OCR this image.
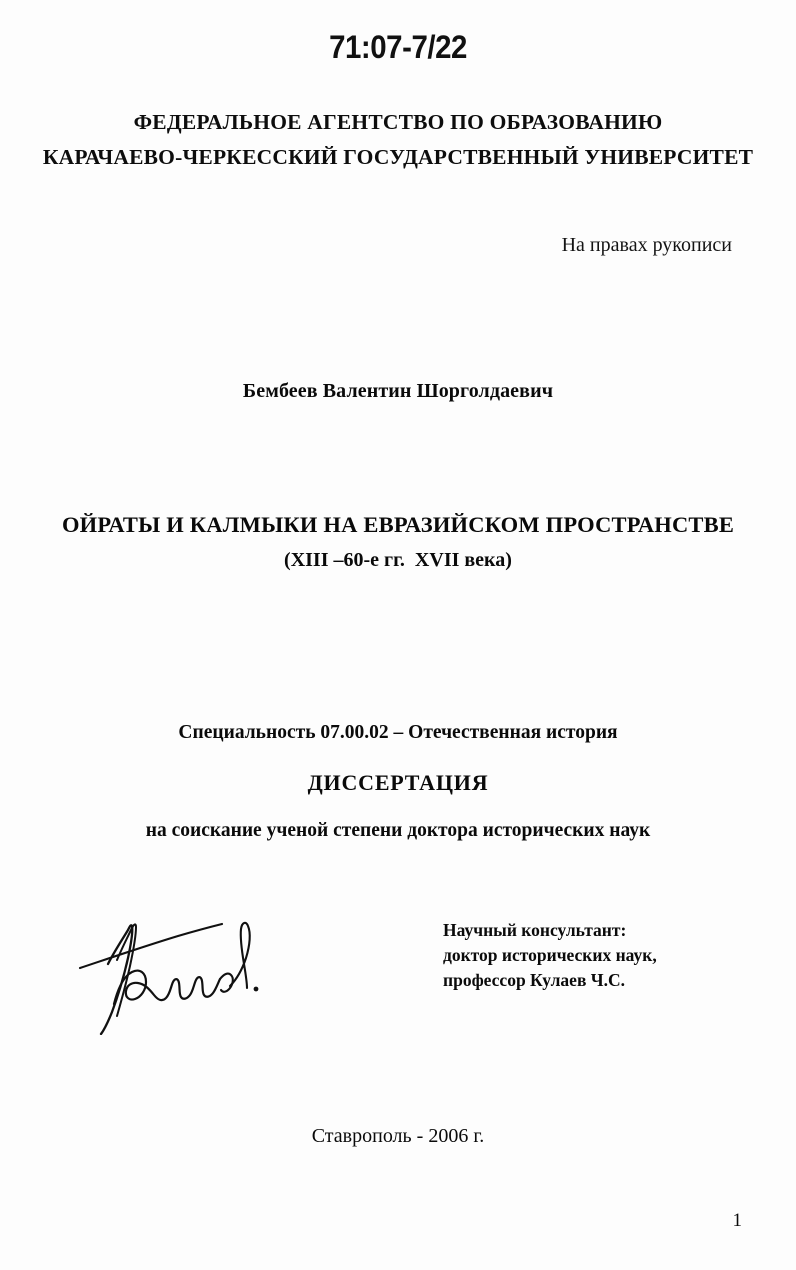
71:07-7/22
ФЕДЕРАЛЬНОЕ АГЕНТСТВО ПО ОБРАЗОВАНИЮ
КАРАЧАЕВО-ЧЕРКЕССКИЙ ГОСУДАРСТВЕННЫЙ УНИВЕРСИТЕТ
На правах рукописи
Бембеев Валентин Шорголдаевич
ОЙРАТЫ И КАЛМЫКИ НА ЕВРАЗИЙСКОМ ПРОСТРАНСТВЕ
(XIII –60-е гг.  XVII века)
Специальность 07.00.02 – Отечественная история
ДИССЕРТАЦИЯ
на соискание ученой степени доктора исторических наук
Научный консультант:
доктор исторических наук,
профессор Кулаев Ч.С.
Ставрополь - 2006 г.
1
